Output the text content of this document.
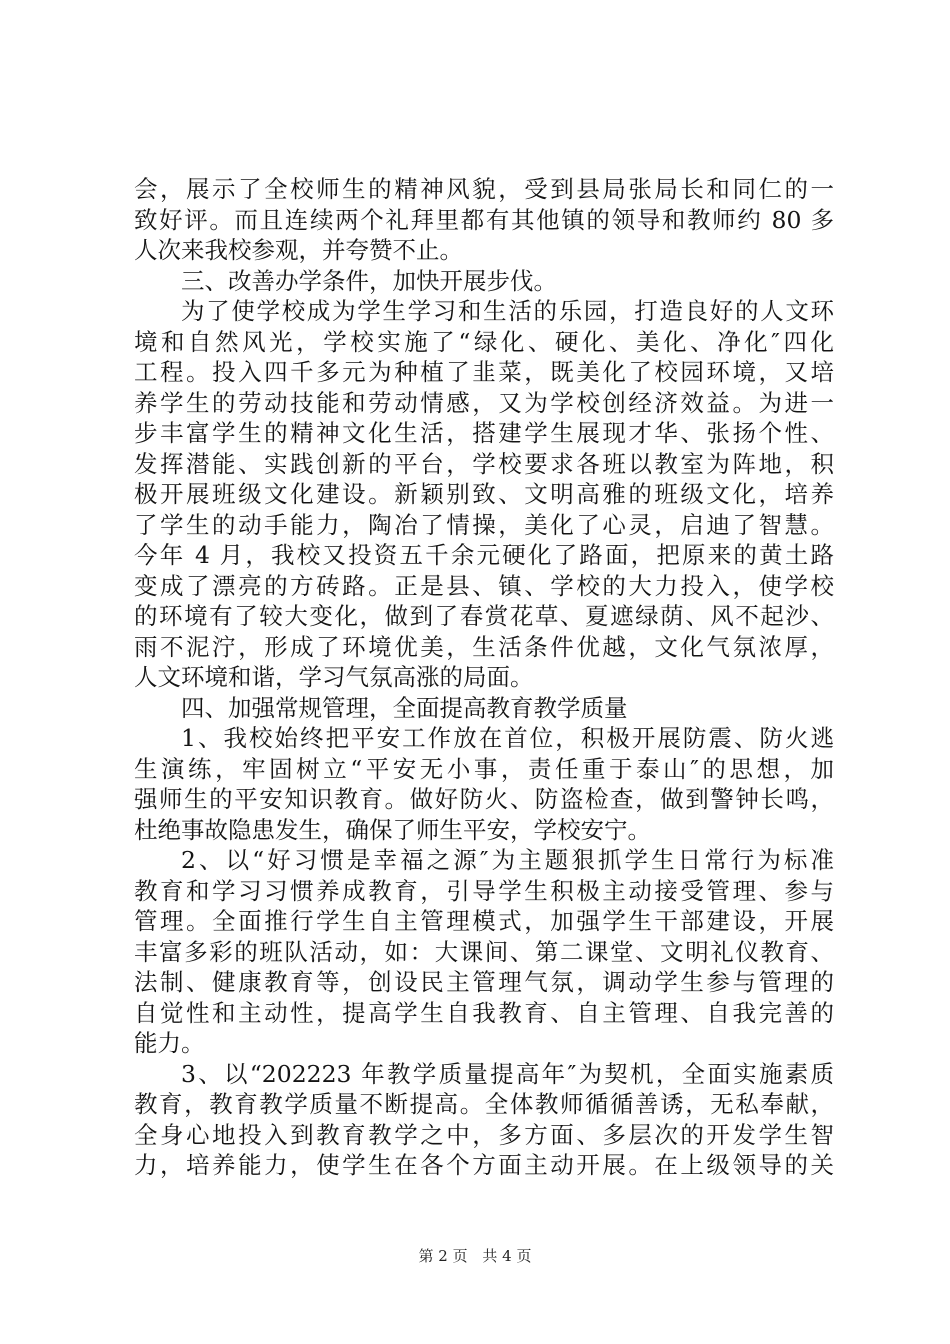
会，展示了全校师生的精神风貌，受到县局张局长和同仁的一
致好评。而且连续两个礼拜里都有其他镇的领导和教师约 80 多
人次来我校参观，并夸赞不止。
三、改善办学条件，加快开展步伐。
为了使学校成为学生学习和生活的乐园，打造良好的人文环
境和自然风光，学校实施了“绿化、硬化、美化、净化″四化
工程。投入四千多元为种植了韭菜，既美化了校园环境，又培
养学生的劳动技能和劳动情感，又为学校创经济效益。为进一
步丰富学生的精神文化生活，搭建学生展现才华、张扬个性、
发挥潜能、实践创新的平台，学校要求各班以教室为阵地，积
极开展班级文化建设。新颖别致、文明高雅的班级文化，培养
了学生的动手能力，陶冶了情操，美化了心灵，启迪了智慧。
今年 4 月，我校又投资五千余元硬化了路面，把原来的黄土路
变成了漂亮的方砖路。正是县、镇、学校的大力投入，使学校
的环境有了较大变化，做到了春赏花草、夏遮绿荫、风不起沙、
雨不泥泞，形成了环境优美，生活条件优越，文化气氛浓厚，
人文环境和谐，学习气氛高涨的局面。
四、加强常规管理，全面提高教育教学质量
1、我校始终把平安工作放在首位，积极开展防震、防火逃
生演练，牢固树立“平安无小事，责任重于泰山″的思想，加
强师生的平安知识教育。做好防火、防盗检查，做到警钟长鸣，
杜绝事故隐患发生，确保了师生平安，学校安宁。
2、以“好习惯是幸福之源″为主题狠抓学生日常行为标准
教育和学习习惯养成教育，引导学生积极主动接受管理、参与
管理。全面推行学生自主管理模式，加强学生干部建设，开展
丰富多彩的班队活动，如：大课间、第二课堂、文明礼仪教育、
法制、健康教育等，创设民主管理气氛，调动学生参与管理的
自觉性和主动性，提高学生自我教育、自主管理、自我完善的
能力。
3、以“202223 年教学质量提高年″为契机，全面实施素质
教育，教育教学质量不断提高。全体教师循循善诱，无私奉献，
全身心地投入到教育教学之中，多方面、多层次的开发学生智
力，培养能力，使学生在各个方面主动开展。在上级领导的关
第 2 页 共 4 页
